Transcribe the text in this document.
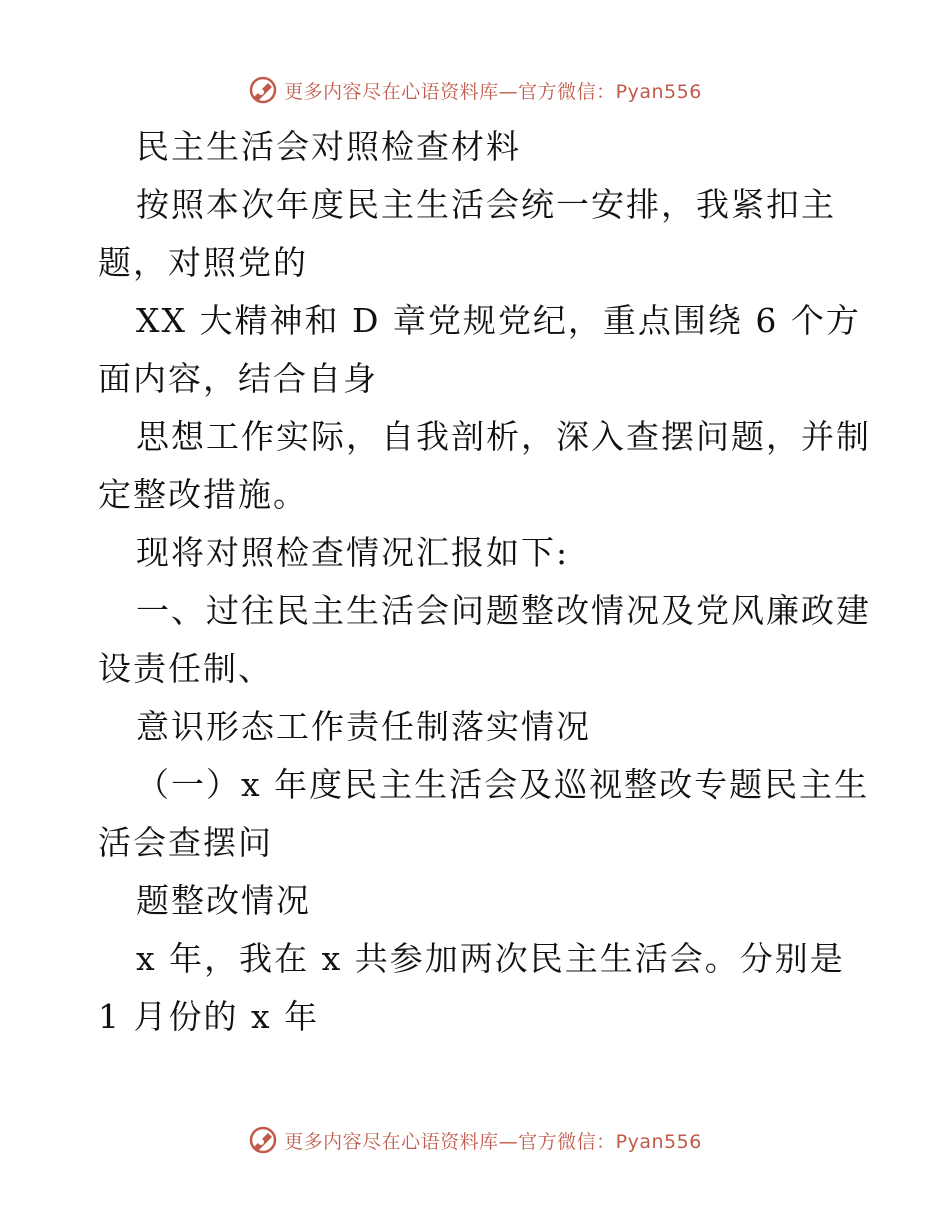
更多内容尽在心语资料库—官方微信：Pyan556
民主生活会对照检查材料
按照本次年度民主生活会统一安排，我紧扣主
题，对照党的
XX 大精神和 D 章党规党纪，重点围绕 6 个方
面内容，结合自身
思想工作实际，自我剖析，深入查摆问题，并制
定整改措施。
现将对照检查情况汇报如下:
一、过往民主生活会问题整改情况及党风廉政建
设责任制、
意识形态工作责任制落实情况
（一）x 年度民主生活会及巡视整改专题民主生
活会查摆问
题整改情况
x 年，我在 x 共参加两次民主生活会。分别是
1 月份的 x 年
更多内容尽在心语资料库—官方微信：Pyan556
